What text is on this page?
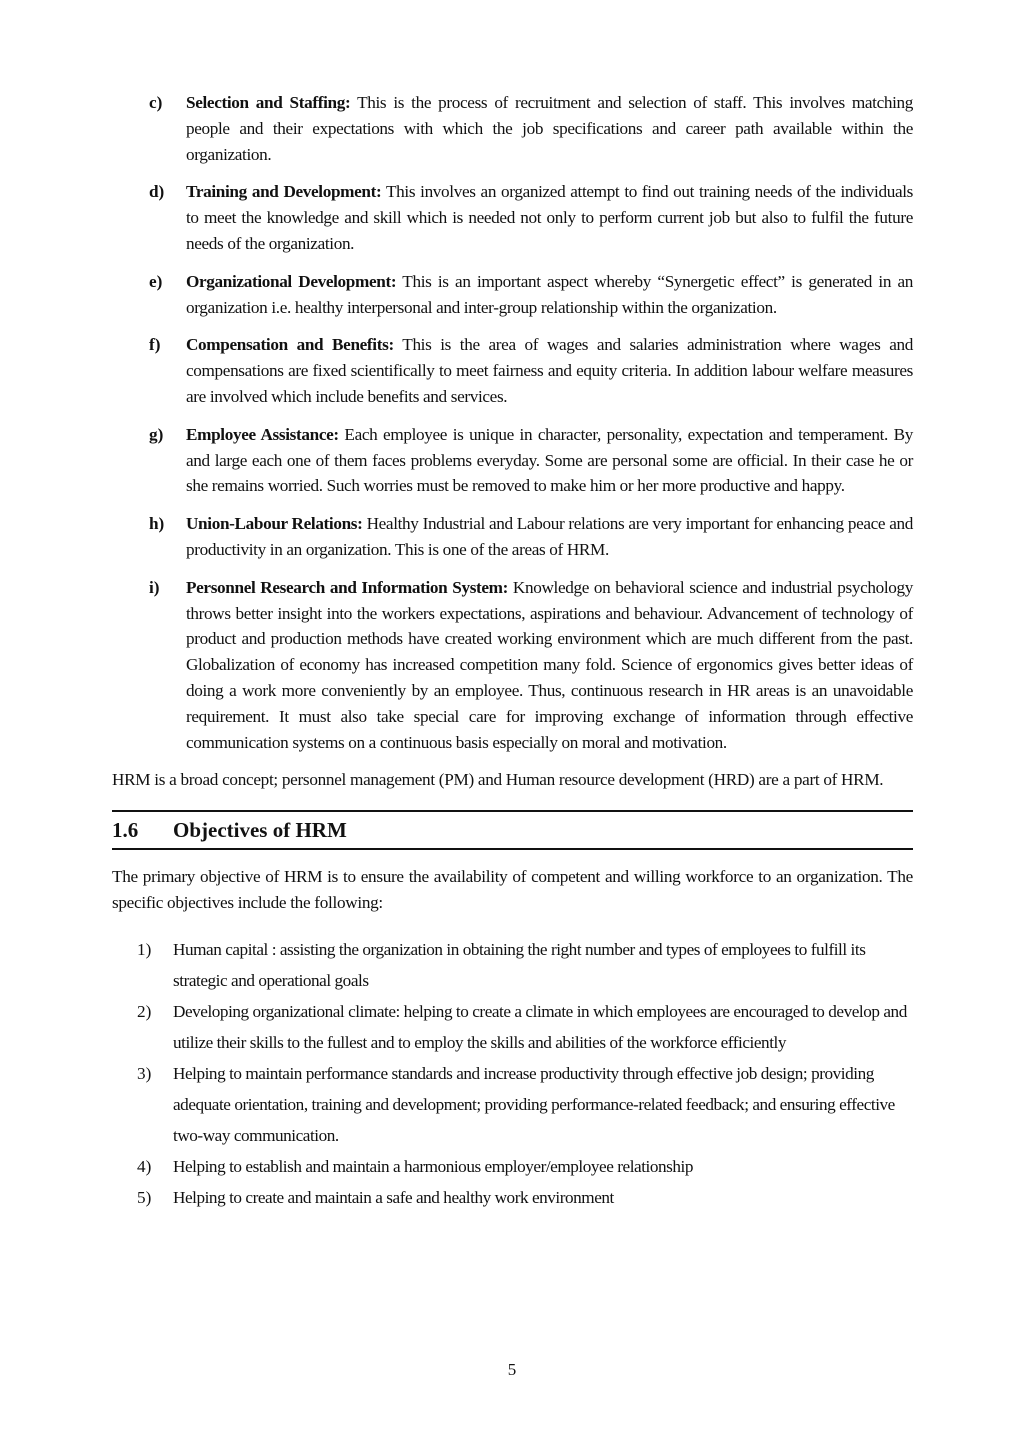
c)	Selection and Staffing: This is the process of recruitment and selection of staff. This involves matching people and their expectations with which the job specifications and career path available within the organization.
d)	Training and Development: This involves an organized attempt to find out training needs of the individuals to meet the knowledge and skill which is needed not only to perform current job but also to fulfil the future needs of the organization.
e)	Organizational Development: This is an important aspect whereby “Synergetic effect” is generated in an organization i.e. healthy interpersonal and inter-group relationship within the organization.
f)	Compensation and Benefits: This is the area of wages and salaries administration where wages and compensations are fixed scientifically to meet fairness and equity criteria. In addition labour welfare measures are involved which include benefits and services.
g)	Employee Assistance: Each employee is unique in character, personality, expectation and temperament. By and large each one of them faces problems everyday. Some are personal some are official. In their case he or she remains worried. Such worries must be removed to make him or her more productive and happy.
h)	Union-Labour Relations: Healthy Industrial and Labour relations are very important for enhancing peace and productivity in an organization. This is one of the areas of HRM.
i)	Personnel Research and Information System: Knowledge on behavioral science and industrial psychology throws better insight into the workers expectations, aspirations and behaviour. Advancement of technology of product and production methods have created working environment which are much different from the past. Globalization of economy has increased competition many fold. Science of ergonomics gives better ideas of doing a work more conveniently by an employee. Thus, continuous research in HR areas is an unavoidable requirement. It must also take special care for improving exchange of information through effective communication systems on a continuous basis especially on moral and motivation.

HRM is a broad concept; personnel management (PM) and Human resource development (HRD) are a part of HRM.

1.6	Objectives of HRM

The primary objective of HRM is to ensure the availability of competent and willing workforce to an organization. The specific objectives include the following:

1)	Human capital : assisting the organization in obtaining the right number and types of employees to fulfill its strategic and operational goals
2)	Developing organizational climate: helping to create a climate in which employees are encouraged to develop and utilize their skills to the fullest and to employ the skills and abilities of the workforce efficiently
3)	Helping to maintain performance standards and increase productivity through effective job design; providing adequate orientation, training and development; providing performance-related feedback; and ensuring effective two-way communication.
4)	Helping to establish and maintain a harmonious employer/employee relationship
5)	Helping to create and maintain a safe and healthy work environment
5
